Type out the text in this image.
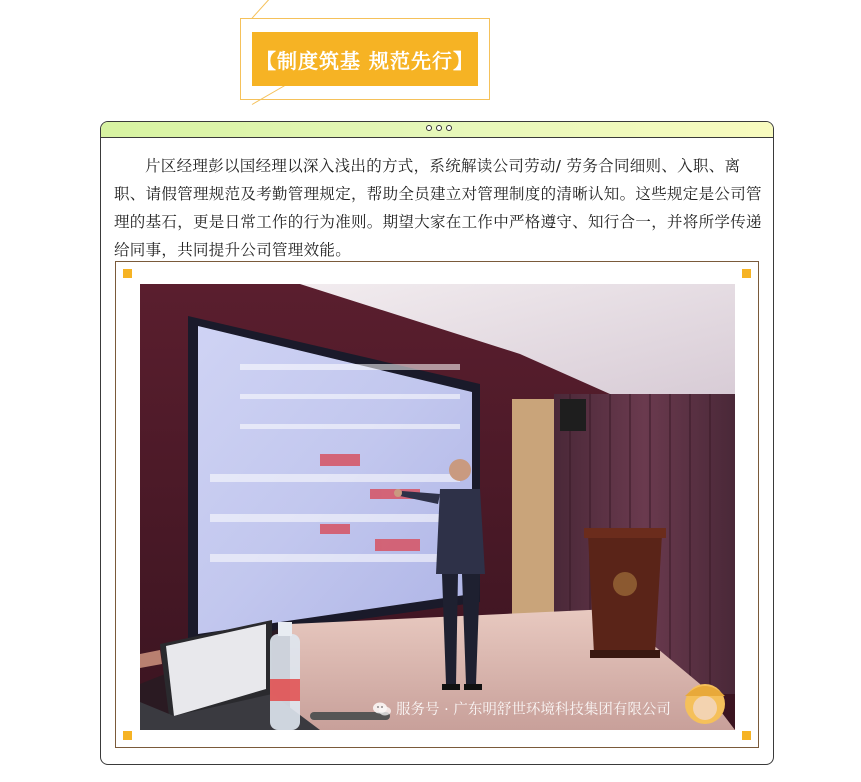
【制度筑基 规范先行】

片区经理彭以国经理以深入浅出的方式，系统解读公司劳动/ 劳务合同细则、入职、离职、请假管理规范及考勤管理规定，帮助全员建立对管理制度的清晰认知。这些规定是公司管理的基石，更是日常工作的行为准则。期望大家在工作中严格遵守、知行合一，并将所学传递给同事，共同提升公司管理效能。

服务号 · 广东明舒世环境科技集团有限公司
